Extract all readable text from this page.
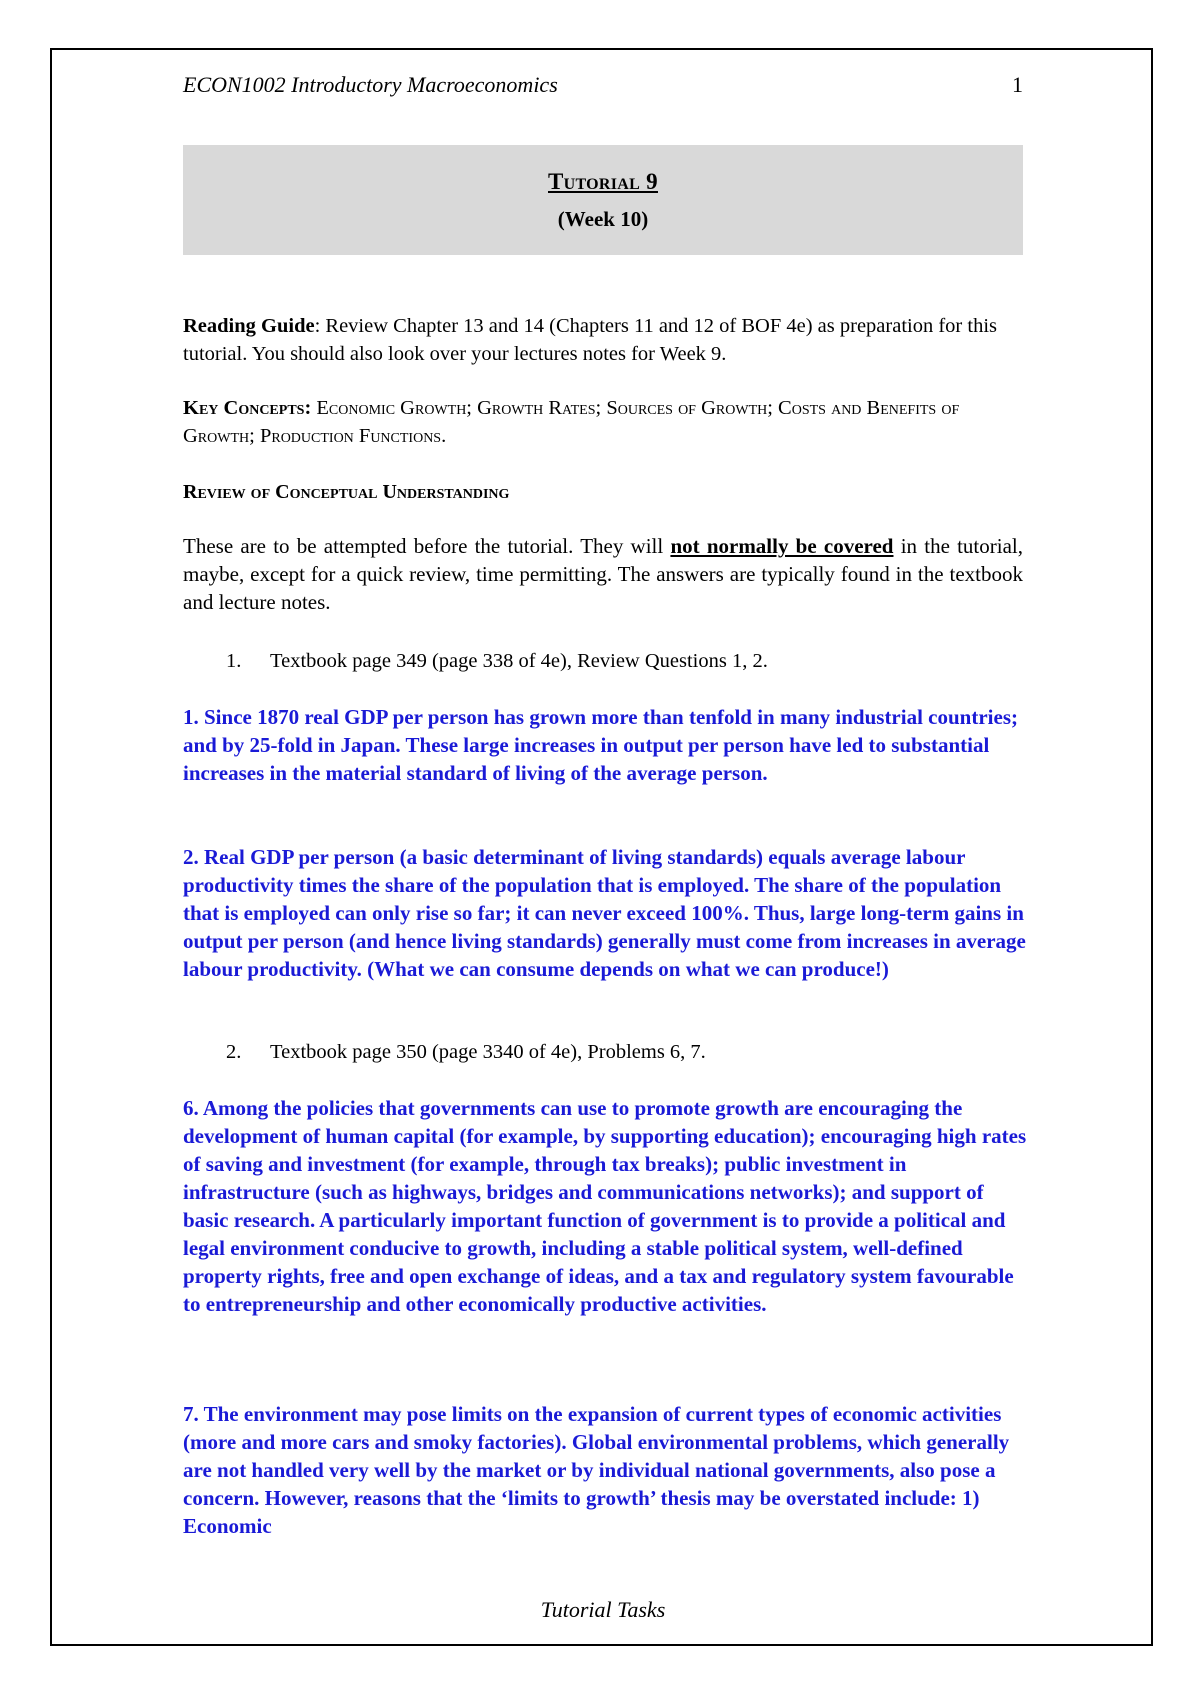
ECON1002 Introductory Macroeconomics	1
Tutorial 9
(Week 10)
Reading Guide: Review Chapter 13 and 14 (Chapters 11 and 12 of BOF 4e) as preparation for this tutorial. You should also look over your lectures notes for Week 9.
Key Concepts: Economic Growth; Growth Rates; Sources of Growth; Costs and Benefits of Growth; Production Functions.
Review of Conceptual Understanding
These are to be attempted before the tutorial. They will not normally be covered in the tutorial, maybe, except for a quick review, time permitting. The answers are typically found in the textbook and lecture notes.
1.	Textbook page 349 (page 338 of 4e), Review Questions 1, 2.
1. Since 1870 real GDP per person has grown more than tenfold in many industrial countries; and by 25-fold in Japan. These large increases in output per person have led to substantial increases in the material standard of living of the average person.
2. Real GDP per person (a basic determinant of living standards) equals average labour productivity times the share of the population that is employed. The share of the population that is employed can only rise so far; it can never exceed 100%. Thus, large long-term gains in output per person (and hence living standards) generally must come from increases in average labour productivity. (What we can consume depends on what we can produce!)
2.	Textbook page 350 (page 3340 of 4e), Problems 6, 7.
6. Among the policies that governments can use to promote growth are encouraging the development of human capital (for example, by supporting education); encouraging high rates of saving and investment (for example, through tax breaks); public investment in infrastructure (such as highways, bridges and communications networks); and support of basic research. A particularly important function of government is to provide a political and legal environment conducive to growth, including a stable political system, well-defined property rights, free and open exchange of ideas, and a tax and regulatory system favourable to entrepreneurship and other economically productive activities.
7. The environment may pose limits on the expansion of current types of economic activities (more and more cars and smoky factories). Global environmental problems, which generally are not handled very well by the market or by individual national governments, also pose a concern. However, reasons that the ‘limits to growth’ thesis may be overstated include: 1) Economic
Tutorial Tasks
